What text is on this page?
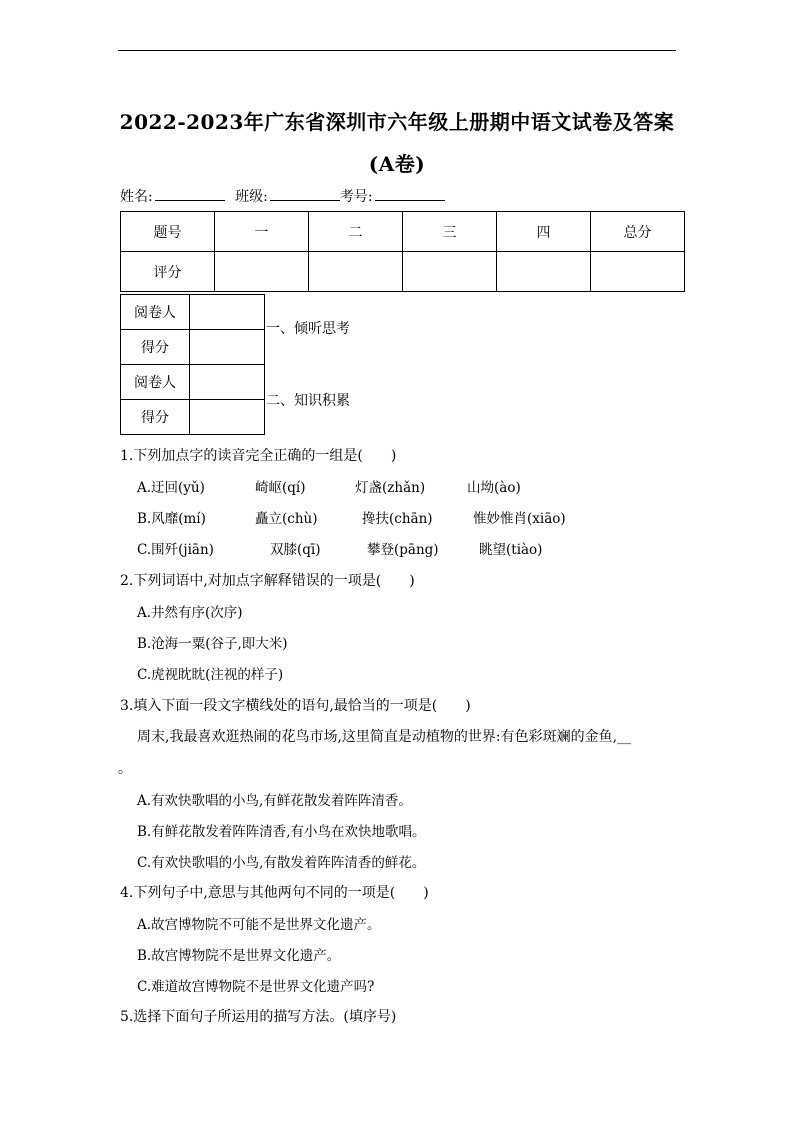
2022-2023年广东省深圳市六年级上册期中语文试卷及答案
(A卷)
姓名:	班级:	考号:
题号	一	二	三	四	总分
评分					
阅卷人	
得分	
阅卷人	
得分	
一、倾听思考
二、知识积累
1.下列加点字的读音完全正确的一组是(　　)
A.迂回(yǔ)	崎岖(qí)	灯盏(zhǎn)	山坳(ào)
B.风靡(mí)	矗立(chù)	搀扶(chān)	惟妙惟肖(xiāo)
C.围歼(jiān)	双膝(qī)	攀登(pāng)	眺望(tiào)
2.下列词语中,对加点字解释错误的一项是(　　)
A.井然有序(次序)
B.沧海一粟(谷子,即大米)
C.虎视眈眈(注视的样子)
3.填入下面一段文字横线处的语句,最恰当的一项是(　　)
周末,我最喜欢逛热闹的花鸟市场,这里简直是动植物的世界:有色彩斑斓的金鱼,__
。
A.有欢快歌唱的小鸟,有鲜花散发着阵阵清香。
B.有鲜花散发着阵阵清香,有小鸟在欢快地歌唱。
C.有欢快歌唱的小鸟,有散发着阵阵清香的鲜花。
4.下列句子中,意思与其他两句不同的一项是(　　)
A.故宫博物院不可能不是世界文化遗产。
B.故宫博物院不是世界文化遗产。
C.难道故宫博物院不是世界文化遗产吗?
5.选择下面句子所运用的描写方法。(填序号)
